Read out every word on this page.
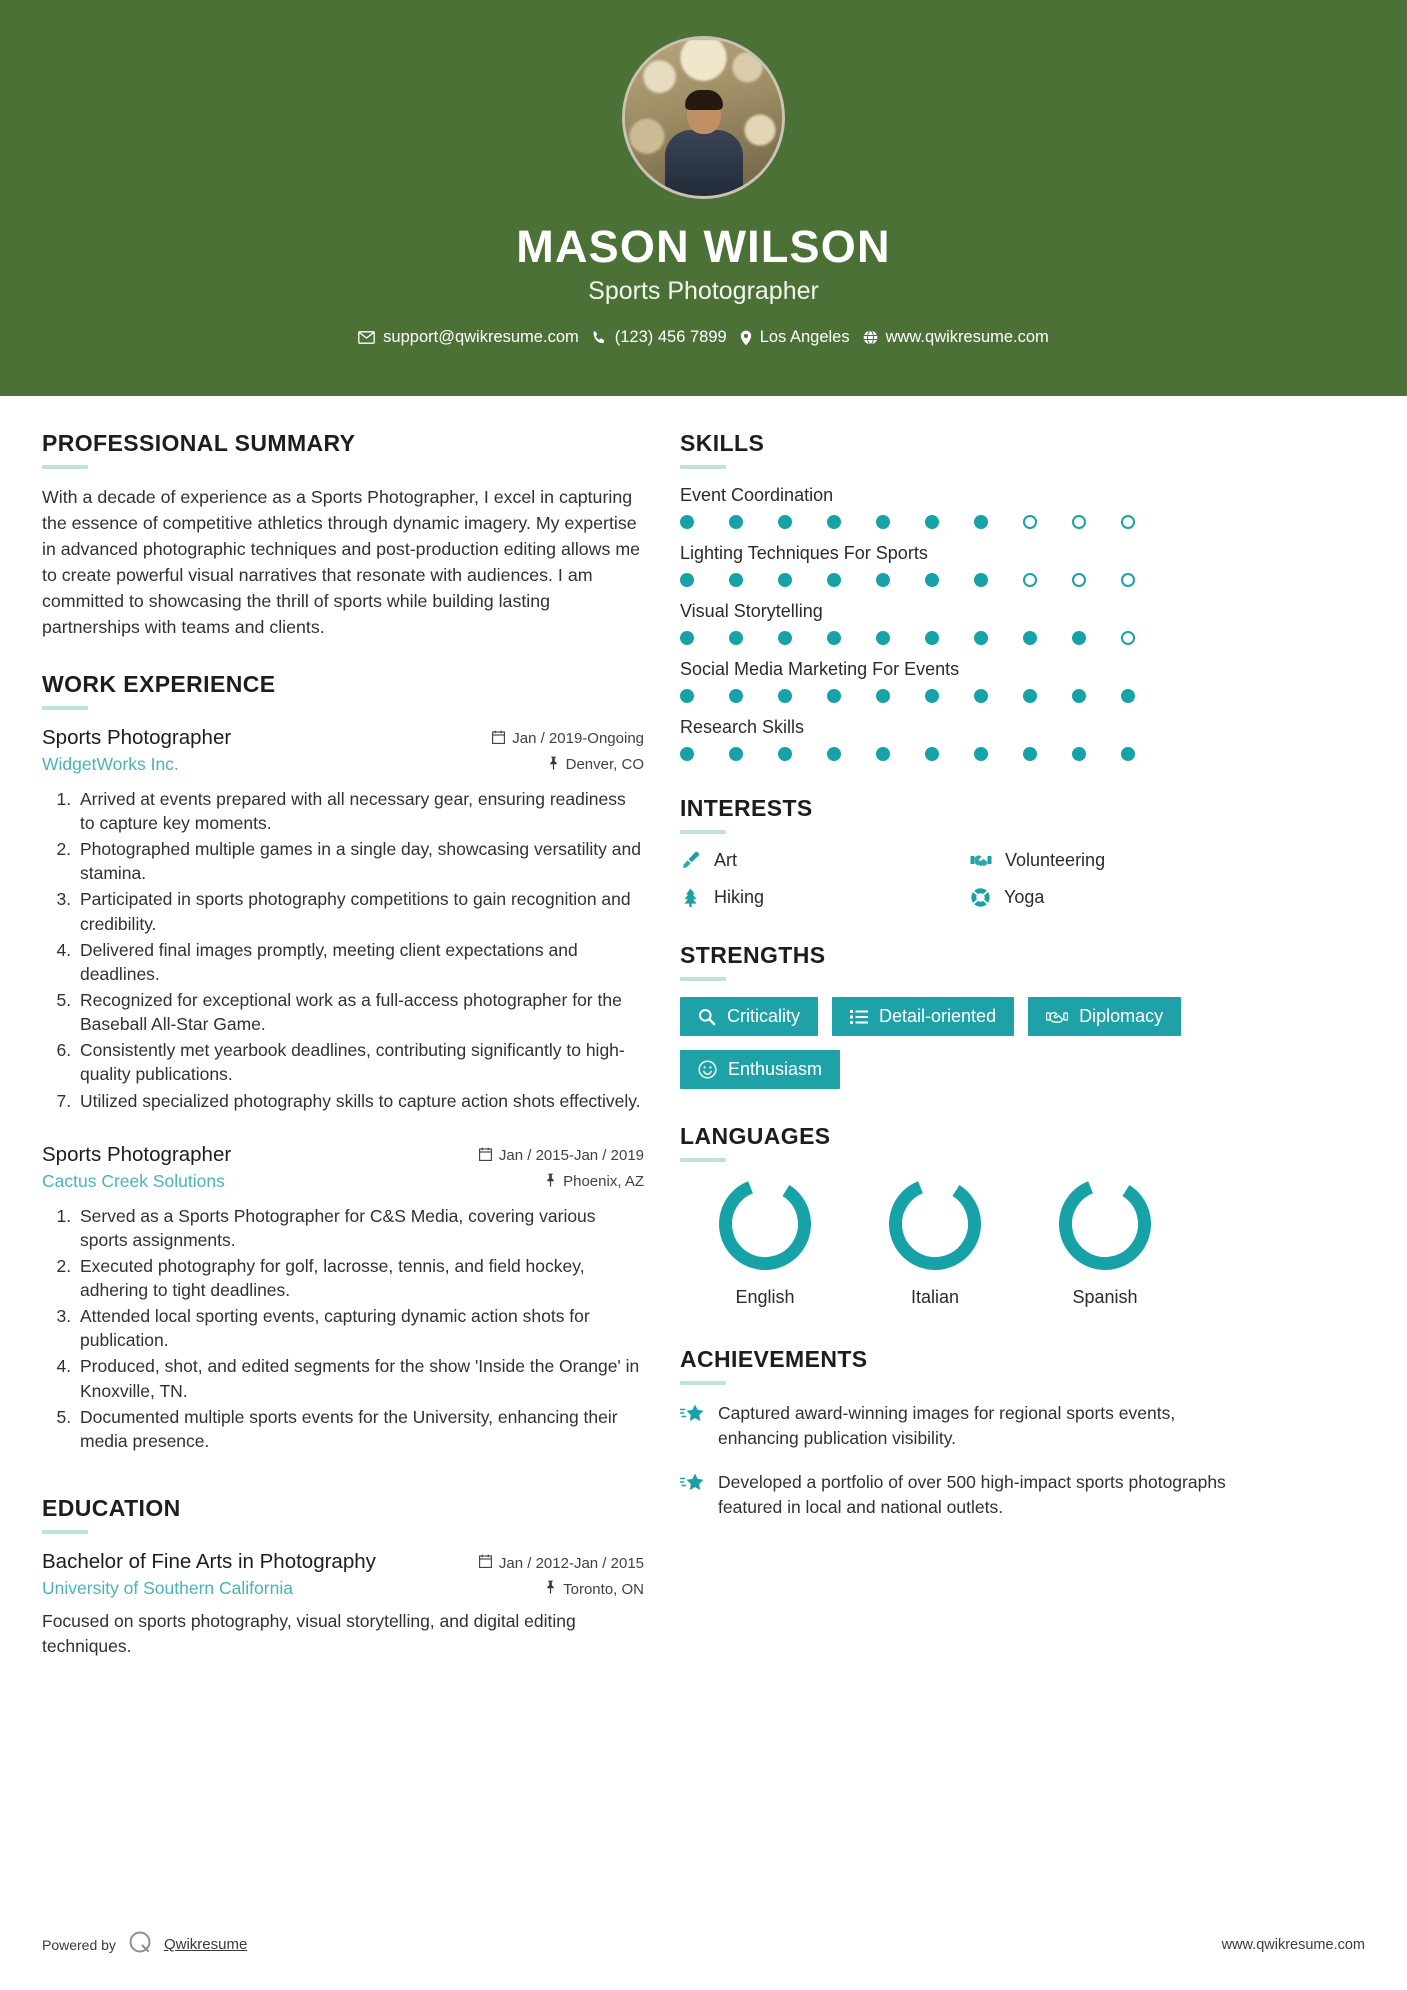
MASON WILSON
Sports Photographer
support@qwikresume.com (123) 456 7899 Los Angeles www.qwikresume.com
PROFESSIONAL SUMMARY
With a decade of experience as a Sports Photographer, I excel in capturing the essence of competitive athletics through dynamic imagery. My expertise in advanced photographic techniques and post-production editing allows me to create powerful visual narratives that resonate with audiences. I am committed to showcasing the thrill of sports while building lasting partnerships with teams and clients.
WORK EXPERIENCE
Sports Photographer	Jan / 2019-Ongoing
WidgetWorks Inc.	Denver, CO
1. Arrived at events prepared with all necessary gear, ensuring readiness to capture key moments.
2. Photographed multiple games in a single day, showcasing versatility and stamina.
3. Participated in sports photography competitions to gain recognition and credibility.
4. Delivered final images promptly, meeting client expectations and deadlines.
5. Recognized for exceptional work as a full-access photographer for the Baseball All-Star Game.
6. Consistently met yearbook deadlines, contributing significantly to high-quality publications.
7. Utilized specialized photography skills to capture action shots effectively.
Sports Photographer	Jan / 2015-Jan / 2019
Cactus Creek Solutions	Phoenix, AZ
1. Served as a Sports Photographer for C&S Media, covering various sports assignments.
2. Executed photography for golf, lacrosse, tennis, and field hockey, adhering to tight deadlines.
3. Attended local sporting events, capturing dynamic action shots for publication.
4. Produced, shot, and edited segments for the show 'Inside the Orange' in Knoxville, TN.
5. Documented multiple sports events for the University, enhancing their media presence.
EDUCATION
Bachelor of Fine Arts in Photography	Jan / 2012-Jan / 2015
University of Southern California	Toronto, ON
Focused on sports photography, visual storytelling, and digital editing techniques.
SKILLS
Event Coordination
Lighting Techniques For Sports
Visual Storytelling
Social Media Marketing For Events
Research Skills
INTERESTS
Art	Volunteering
Hiking	Yoga
STRENGTHS
Criticality	Detail-oriented	Diplomacy
Enthusiasm
LANGUAGES
English	Italian	Spanish
ACHIEVEMENTS
Captured award-winning images for regional sports events, enhancing publication visibility.
Developed a portfolio of over 500 high-impact sports photographs featured in local and national outlets.
Powered by	Qwikresume	www.qwikresume.com
